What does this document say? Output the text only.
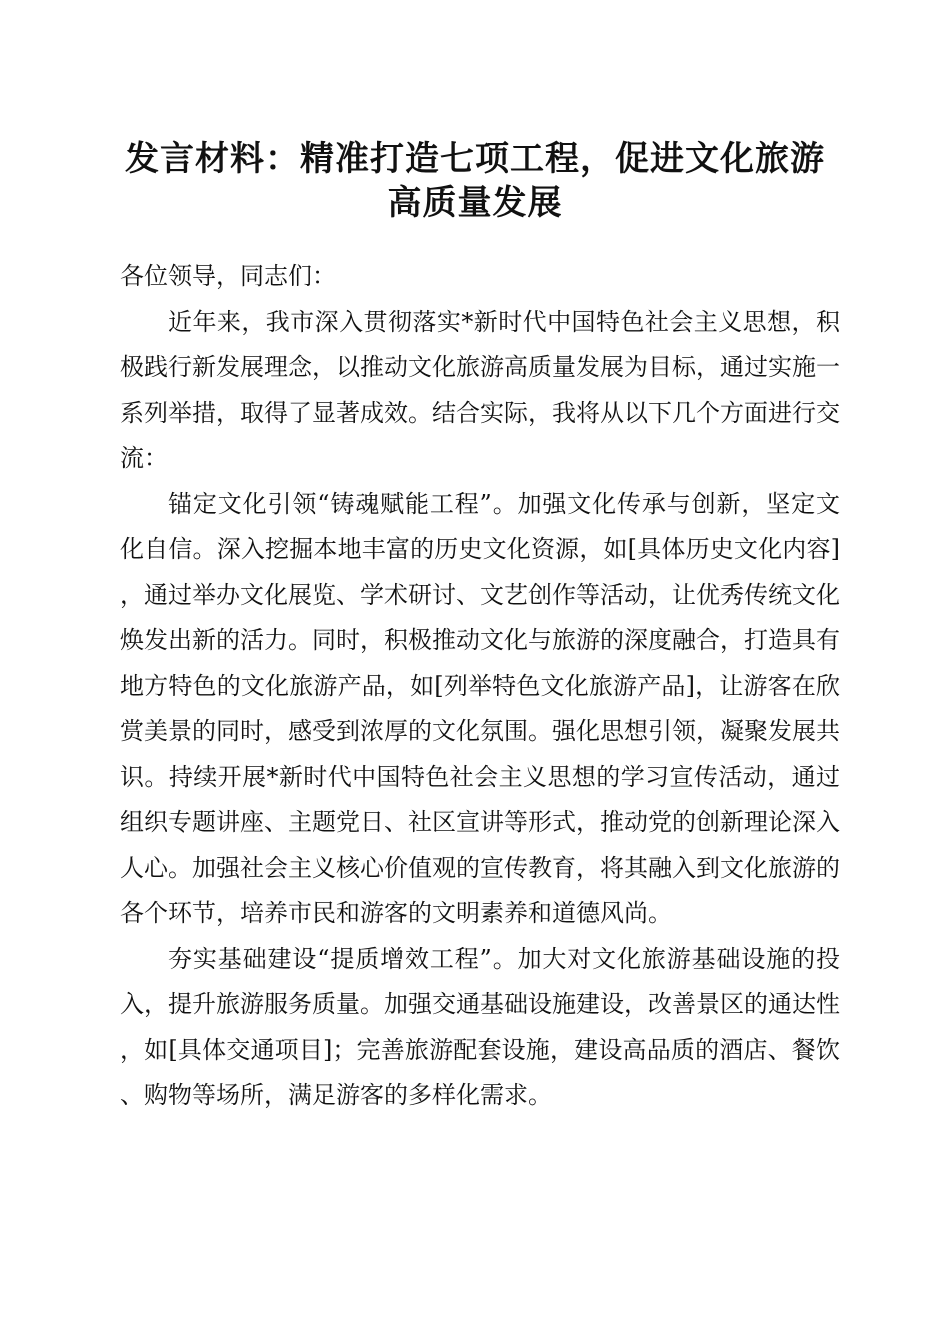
发言材料：精准打造七项工程，促进文化旅游
高质量发展

各位领导，同志们：

近年来，我市深入贯彻落实*新时代中国特色社会主义思想，积极践行新发展理念，以推动文化旅游高质量发展为目标，通过实施一系列举措，取得了显著成效。结合实际，我将从以下几个方面进行交流：

锚定文化引领“铸魂赋能工程”。加强文化传承与创新，坚定文化自信。深入挖掘本地丰富的历史文化资源，如[具体历史文化内容]，通过举办文化展览、学术研讨、文艺创作等活动，让优秀传统文化焕发出新的活力。同时，积极推动文化与旅游的深度融合，打造具有地方特色的文化旅游产品，如[列举特色文化旅游产品]，让游客在欣赏美景的同时，感受到浓厚的文化氛围。强化思想引领，凝聚发展共识。持续开展*新时代中国特色社会主义思想的学习宣传活动，通过组织专题讲座、主题党日、社区宣讲等形式，推动党的创新理论深入人心。加强社会主义核心价值观的宣传教育，将其融入到文化旅游的各个环节，培养市民和游客的文明素养和道德风尚。

夯实基础建设“提质增效工程”。加大对文化旅游基础设施的投入，提升旅游服务质量。加强交通基础设施建设，改善景区的通达性，如[具体交通项目]；完善旅游配套设施，建设高品质的酒店、餐饮、购物等场所，满足游客的多样化需求。
